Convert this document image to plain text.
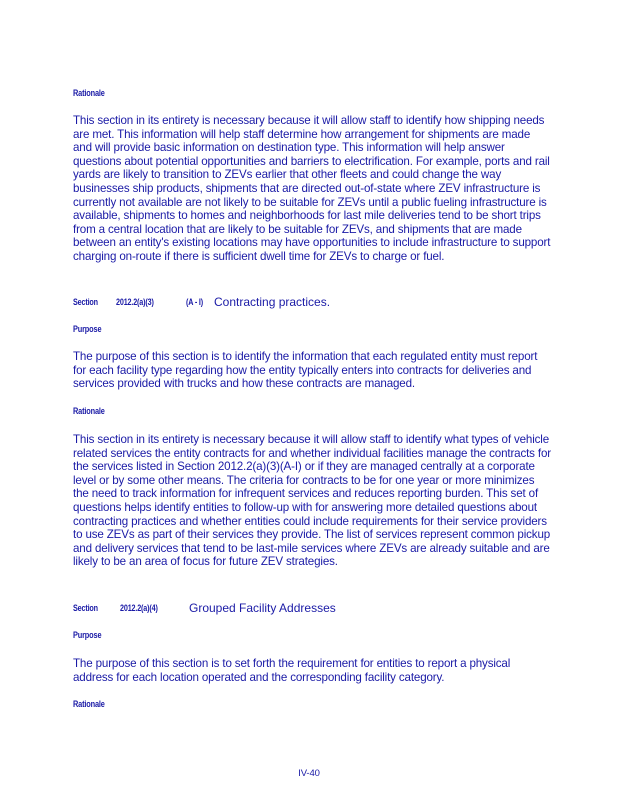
Rationale
This section in its entirety is necessary because it will allow staff to identify how shipping needs are met. This information will help staff determine how arrangement for shipments are made and will provide basic information on destination type. This information will help answer questions about potential opportunities and barriers to electrification. For example, ports and rail yards are likely to transition to ZEVs earlier that other fleets and could change the way businesses ship products, shipments that are directed out-of-state where ZEV infrastructure is currently not available are not likely to be suitable for ZEVs until a public fueling infrastructure is available, shipments to homes and neighborhoods for last mile deliveries tend to be short trips from a central location that are likely to be suitable for ZEVs, and shipments that are made between an entity's existing locations may have opportunities to include infrastructure to support charging on-route if there is sufficient dwell time for ZEVs to charge or fuel.
Section 2012.2(a)(3)	(A - I) Contracting practices.
Purpose
The purpose of this section is to identify the information that each regulated entity must report for each facility type regarding how the entity typically enters into contracts for deliveries and services provided with trucks and how these contracts are managed.
Rationale
This section in its entirety is necessary because it will allow staff to identify what types of vehicle related services the entity contracts for and whether individual facilities manage the contracts for the services listed in Section 2012.2(a)(3)(A-I) or if they are managed centrally at a corporate level or by some other means. The criteria for contracts to be for one year or more minimizes the need to track information for infrequent services and reduces reporting burden. This set of questions helps identify entities to follow-up with for answering more detailed questions about contracting practices and whether entities could include requirements for their service providers to use ZEVs as part of their services they provide. The list of services represent common pickup and delivery services that tend to be last-mile services where ZEVs are already suitable and are likely to be an area of focus for future ZEV strategies.
Section 2012.2(a)(4)	Grouped Facility Addresses
Purpose
The purpose of this section is to set forth the requirement for entities to report a physical address for each location operated and the corresponding facility category.
Rationale
IV-40
